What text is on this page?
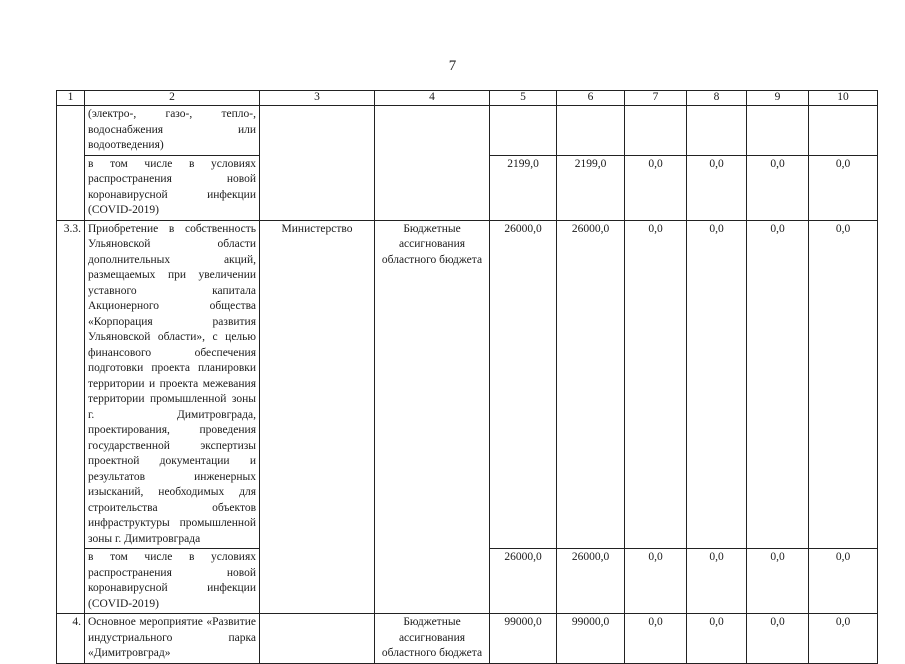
7
1	2	3	4	5	6	7	8	9	10
	(электро-, газо-, тепло-, водоснабжения или водоотведения)								
	в том числе в условиях распространения новой коронавирусной инфекции (COVID-2019)			2199,0	2199,0	0,0	0,0	0,0	0,0
3.3.	Приобретение в собственность Ульяновской области дополнительных акций, размещаемых при увеличении уставного капитала Акционерного общества «Корпорация развития Ульяновской области», с целью финансового обеспечения подготовки проекта планировки территории и проекта межевания территории промышленной зоны г. Димитровграда, проектирования, проведения государственной экспертизы проектной документации и результатов инженерных изысканий, необходимых для строительства объектов инфраструктуры промышленной зоны г. Димитровграда	Министерство	Бюджетные ассигнования областного бюджета	26000,0	26000,0	0,0	0,0	0,0	0,0
	в том числе в условиях распространения новой коронавирусной инфекции (COVID-2019)			26000,0	26000,0	0,0	0,0	0,0	0,0
4.	Основное мероприятие «Развитие индустриального парка «Димитровград»		Бюджетные ассигнования областного бюджета	99000,0	99000,0	0,0	0,0	0,0	0,0
